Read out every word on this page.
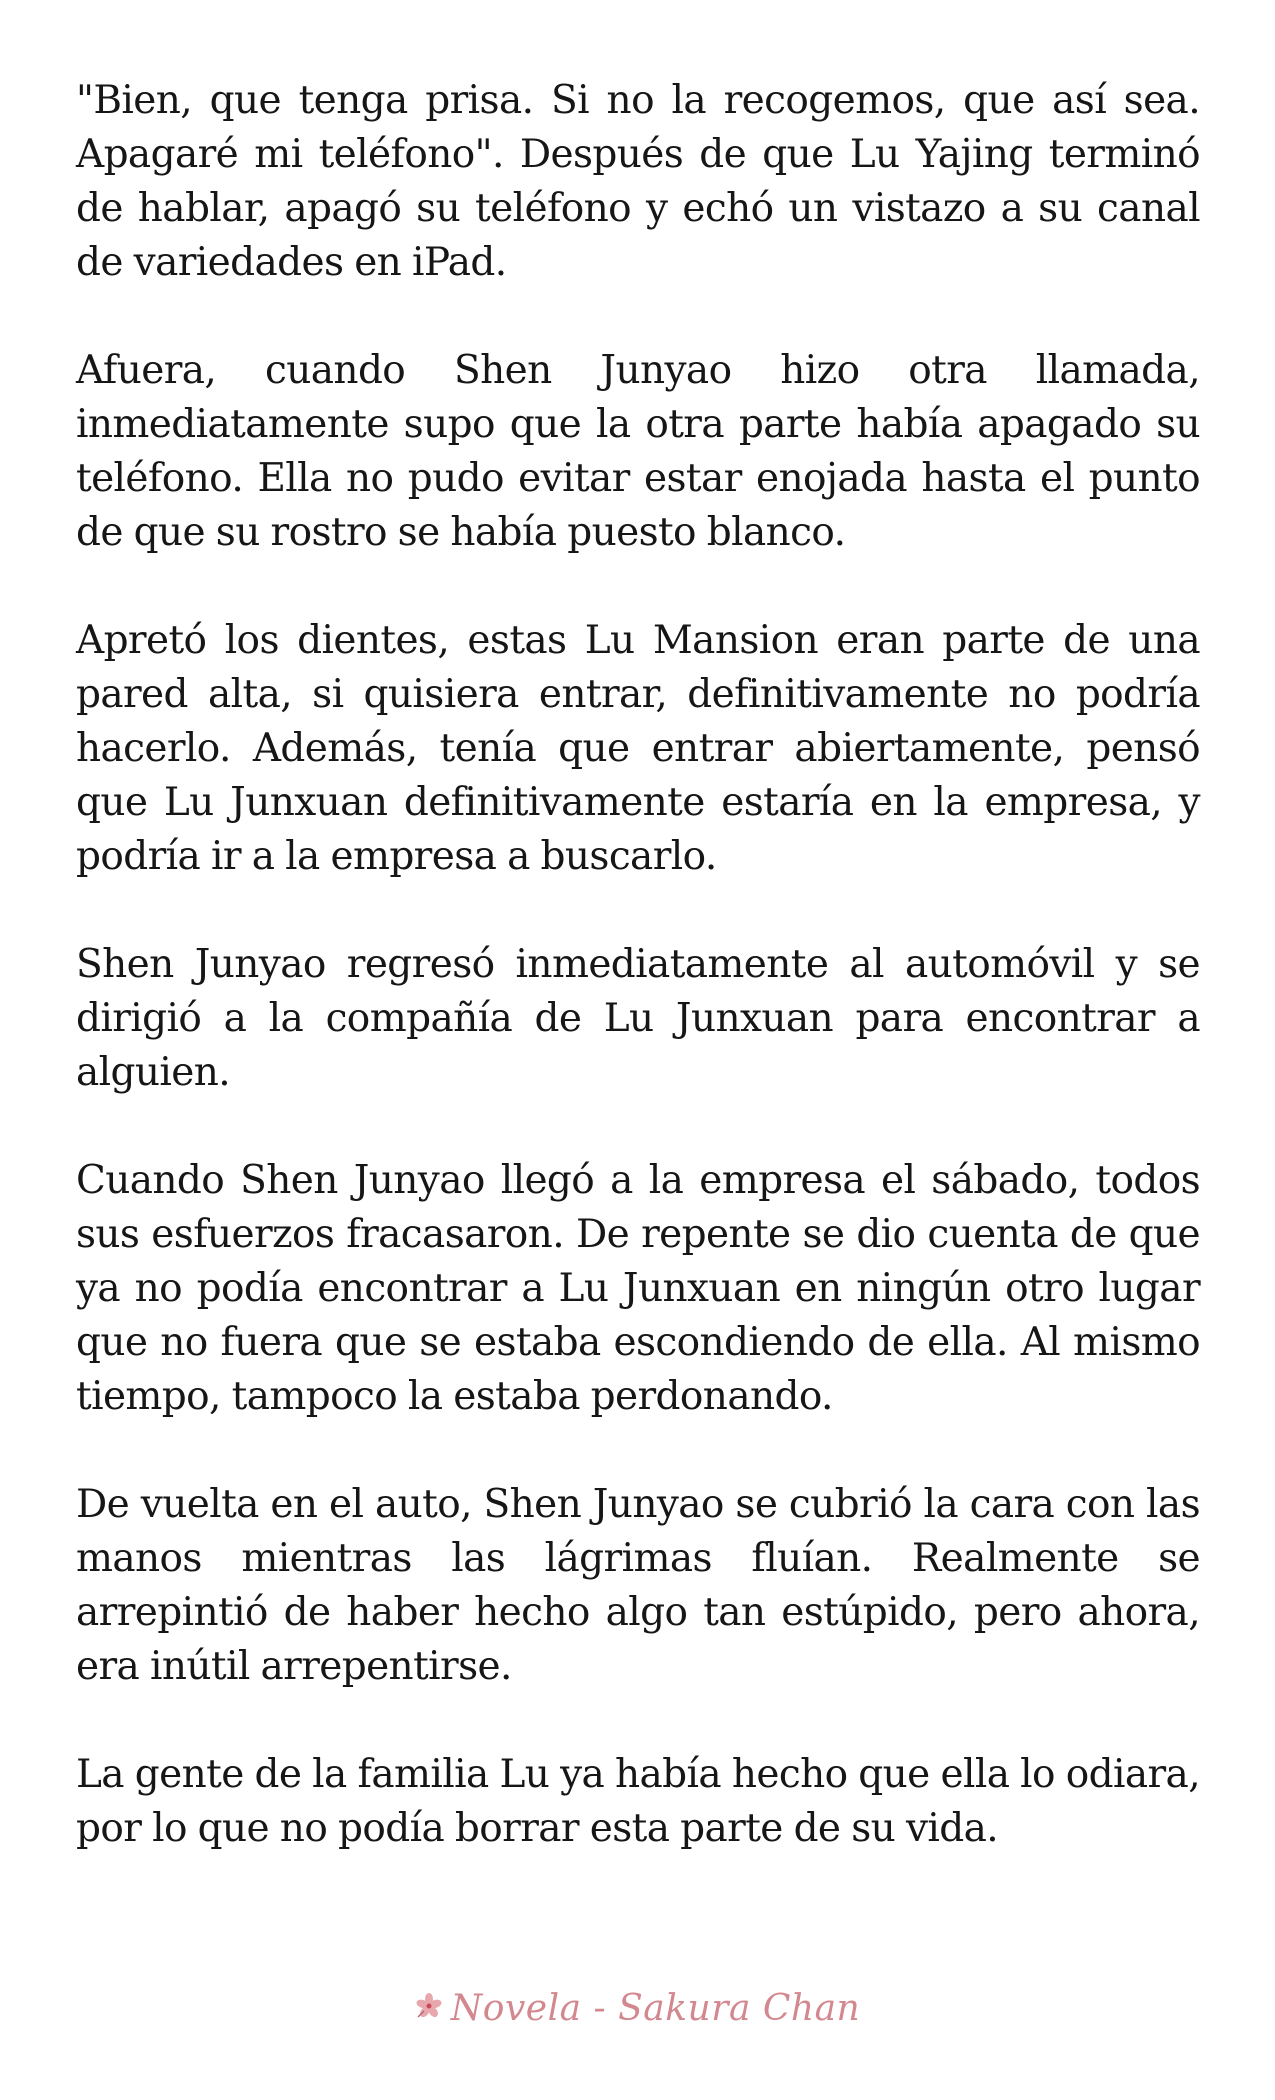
"Bien, que tenga prisa. Si no la recogemos, que así sea. Apagaré mi teléfono". Después de que Lu Yajing terminó de hablar, apagó su teléfono y echó un vistazo a su canal de variedades en iPad.

Afuera, cuando Shen Junyao hizo otra llamada, inmediatamente supo que la otra parte había apagado su teléfono. Ella no pudo evitar estar enojada hasta el punto de que su rostro se había puesto blanco.

Apretó los dientes, estas Lu Mansion eran parte de una pared alta, si quisiera entrar, definitivamente no podría hacerlo. Además, tenía que entrar abiertamente, pensó que Lu Junxuan definitivamente estaría en la empresa, y podría ir a la empresa a buscarlo.

Shen Junyao regresó inmediatamente al automóvil y se dirigió a la compañía de Lu Junxuan para encontrar a alguien.

Cuando Shen Junyao llegó a la empresa el sábado, todos sus esfuerzos fracasaron. De repente se dio cuenta de que ya no podía encontrar a Lu Junxuan en ningún otro lugar que no fuera que se estaba escondiendo de ella. Al mismo tiempo, tampoco la estaba perdonando.

De vuelta en el auto, Shen Junyao se cubrió la cara con las manos mientras las lágrimas fluían. Realmente se arrepintió de haber hecho algo tan estúpido, pero ahora, era inútil arrepentirse.

La gente de la familia Lu ya había hecho que ella lo odiara, por lo que no podía borrar esta parte de su vida.

Novela - Sakura Chan
